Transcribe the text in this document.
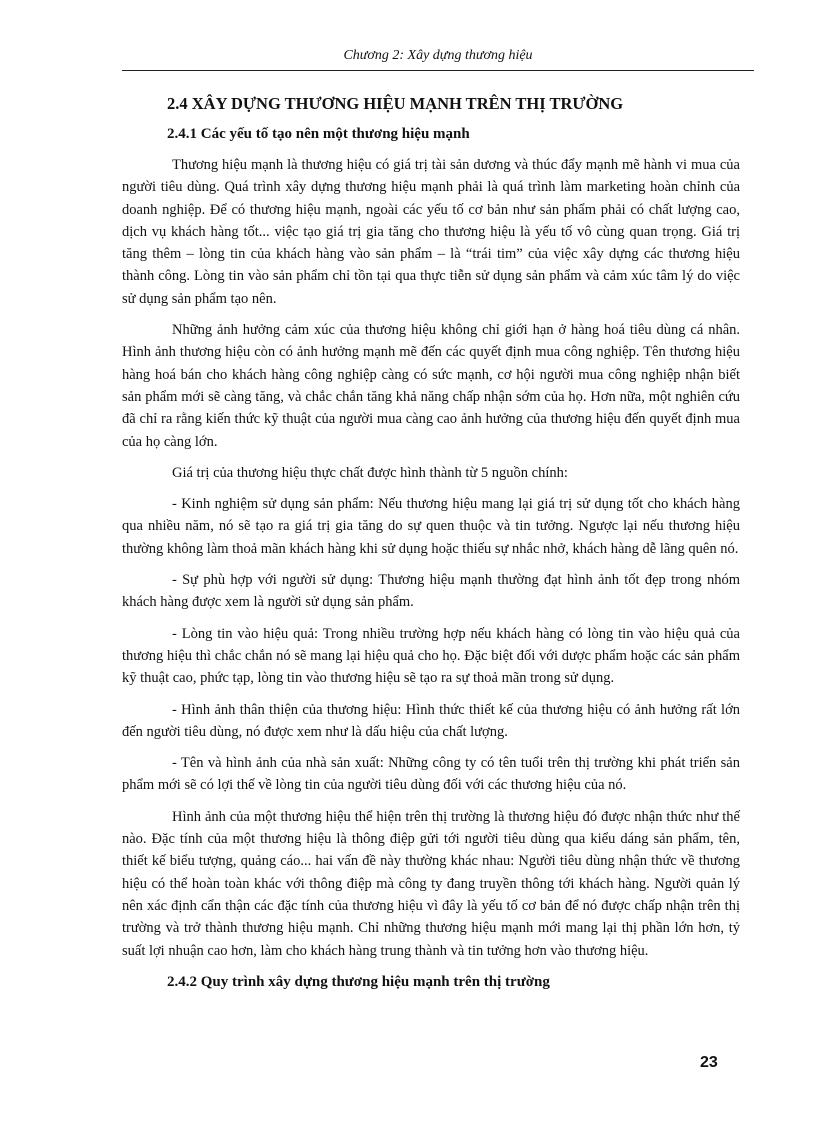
Chương 2: Xây dựng thương hiệu
2.4 XÂY DỰNG THƯƠNG HIỆU MẠNH TRÊN THỊ TRƯỜNG
2.4.1 Các yếu tố tạo nên một thương hiệu mạnh

Thương hiệu mạnh là thương hiệu có giá trị tài sản dương và thúc đẩy mạnh mẽ hành vi mua của người tiêu dùng. Quá trình xây dựng thương hiệu mạnh phải là quá trình làm marketing hoàn chỉnh của doanh nghiệp. Để có thương hiệu mạnh, ngoài các yếu tố cơ bản như sản phẩm phải có chất lượng cao, dịch vụ khách hàng tốt... việc tạo giá trị gia tăng cho thương hiệu là yếu tố vô cùng quan trọng. Giá trị tăng thêm – lòng tin của khách hàng vào sản phẩm – là “trái tim” của việc xây dựng các thương hiệu thành công. Lòng tin vào sản phẩm chỉ tồn tại qua thực tiễn sử dụng sản phẩm và cảm xúc tâm lý do việc sử dụng sản phẩm tạo nên.

Những ảnh hưởng cảm xúc của thương hiệu không chỉ giới hạn ở hàng hoá tiêu dùng cá nhân. Hình ảnh thương hiệu còn có ảnh hưởng mạnh mẽ đến các quyết định mua công nghiệp. Tên thương hiệu hàng hoá bán cho khách hàng công nghiệp càng có sức mạnh, cơ hội người mua công nghiệp nhận biết sản phẩm mới sẽ càng tăng, và chắc chắn tăng khả năng chấp nhận sớm của họ. Hơn nữa, một nghiên cứu đã chỉ ra rằng kiến thức kỹ thuật của người mua càng cao ảnh hưởng của thương hiệu đến quyết định mua của họ càng lớn.

Giá trị của thương hiệu thực chất được hình thành từ 5 nguồn chính:

- Kinh nghiệm sử dụng sản phẩm: Nếu thương hiệu mang lại giá trị sử dụng tốt cho khách hàng qua nhiều năm, nó sẽ tạo ra giá trị gia tăng do sự quen thuộc và tin tưởng. Ngược lại nếu thương hiệu thường không làm thoả mãn khách hàng khi sử dụng hoặc thiếu sự nhắc nhở, khách hàng dễ lãng quên nó.

- Sự phù hợp với người sử dụng: Thương hiệu mạnh thường đạt hình ảnh tốt đẹp trong nhóm khách hàng được xem là người sử dụng sản phẩm.

- Lòng tin vào hiệu quả: Trong nhiều trường hợp nếu khách hàng có lòng tin vào hiệu quả của thương hiệu thì chắc chắn nó sẽ mang lại hiệu quả cho họ. Đặc biệt đối với dược phẩm hoặc các sản phẩm kỹ thuật cao, phức tạp, lòng tin vào thương hiệu sẽ tạo ra sự thoả mãn trong sử dụng.

- Hình ảnh thân thiện của thương hiệu: Hình thức thiết kế của thương hiệu có ảnh hưởng rất lớn đến người tiêu dùng, nó được xem như là dấu hiệu của chất lượng.

- Tên và hình ảnh của nhà sản xuất: Những công ty có tên tuổi trên thị trường khi phát triển sản phẩm mới sẽ có lợi thế về lòng tin của người tiêu dùng đối với các thương hiệu của nó.

Hình ảnh của một thương hiệu thể hiện trên thị trường là thương hiệu đó được nhận thức như thế nào. Đặc tính của một thương hiệu là thông điệp gửi tới người tiêu dùng qua kiểu dáng sản phẩm, tên, thiết kế biểu tượng, quảng cáo... hai vấn đề này thường khác nhau: Người tiêu dùng nhận thức về thương hiệu có thể hoàn toàn khác với thông điệp mà công ty đang truyền thông tới khách hàng. Người quản lý nên xác định cẩn thận các đặc tính của thương hiệu vì đây là yếu tố cơ bản để nó được chấp nhận trên thị trường và trở thành thương hiệu mạnh. Chỉ những thương hiệu mạnh mới mang lại thị phần lớn hơn, tỷ suất lợi nhuận cao hơn, làm cho khách hàng trung thành và tin tưởng hơn vào thương hiệu.

2.4.2 Quy trình xây dựng thương hiệu mạnh trên thị trường
23
